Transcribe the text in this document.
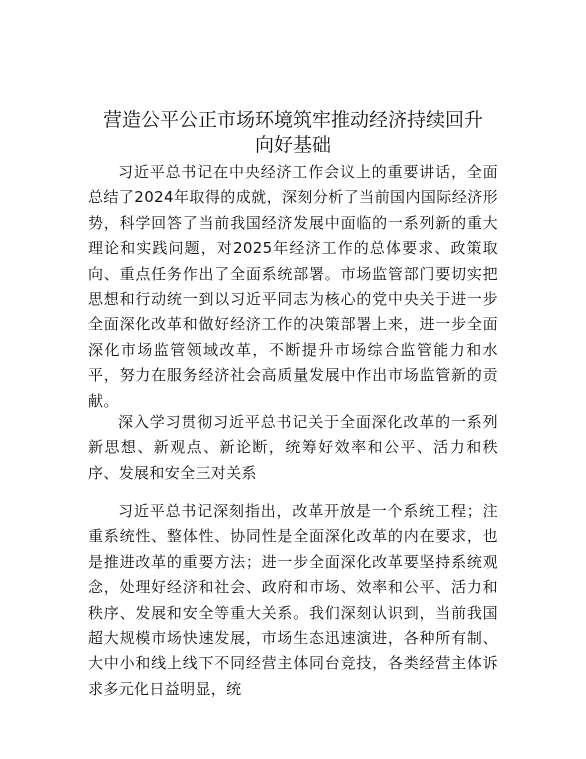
营造公平公正市场环境筑牢推动经济持续回升
向好基础

习近平总书记在中央经济工作会议上的重要讲话，全面总结了2024年取得的成就，深刻分析了当前国内国际经济形势，科学回答了当前我国经济发展中面临的一系列新的重大理论和实践问题，对2025年经济工作的总体要求、政策取向、重点任务作出了全面系统部署。市场监管部门要切实把思想和行动统一到以习近平同志为核心的党中央关于进一步全面深化改革和做好经济工作的决策部署上来，进一步全面深化市场监管领域改革，不断提升市场综合监管能力和水平，努力在服务经济社会高质量发展中作出市场监管新的贡献。

深入学习贯彻习近平总书记关于全面深化改革的一系列新思想、新观点、新论断，统筹好效率和公平、活力和秩序、发展和安全三对关系

习近平总书记深刻指出，改革开放是一个系统工程；注重系统性、整体性、协同性是全面深化改革的内在要求，也是推进改革的重要方法；进一步全面深化改革要坚持系统观念，处理好经济和社会、政府和市场、效率和公平、活力和秩序、发展和安全等重大关系。我们深刻认识到，当前我国超大规模市场快速发展，市场生态迅速演进，各种所有制、大中小和线上线下不同经营主体同台竞技，各类经营主体诉求多元化日益明显，统
